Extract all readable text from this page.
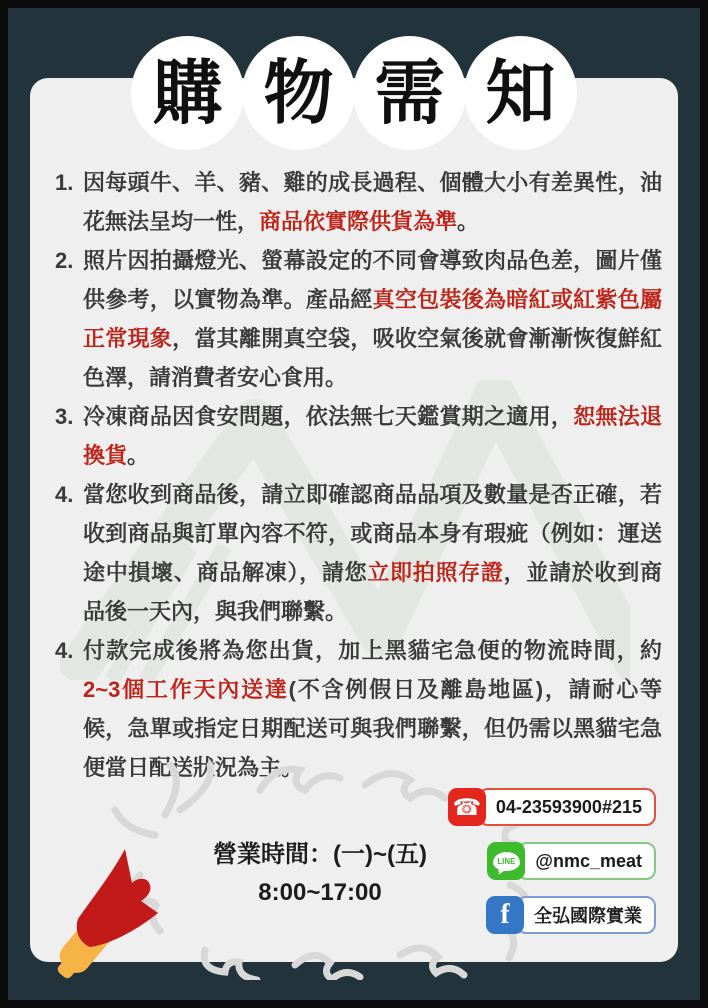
購 物 需 知
1. 因每頭牛、羊、豬、雞的成長過程、個體大小有差異性，油花無法呈均一性，商品依實際供貨為準。
2. 照片因拍攝燈光、螢幕設定的不同會導致肉品色差，圖片僅供參考，以實物為準。產品經真空包裝後為暗紅或紅紫色屬正常現象，當其離開真空袋，吸收空氣後就會漸漸恢復鮮紅色澤，請消費者安心食用。
3. 冷凍商品因食安問題，依法無七天鑑賞期之適用，恕無法退換貨。
4. 當您收到商品後，請立即確認商品品項及數量是否正確，若收到商品與訂單內容不符，或商品本身有瑕疵（例如：運送途中損壞、商品解凍），請您立即拍照存證，並請於收到商品後一天內，與我們聯繫。
4. 付款完成後將為您出貨，加上黑貓宅急便的物流時間，約2~3個工作天內送達(不含例假日及離島地區)，請耐心等候，急單或指定日期配送可與我們聯繫，但仍需以黑貓宅急便當日配送狀況為主。
營業時間：(一)~(五)
8:00~17:00
☎ 04-23593900#215
LINE	@nmc_meat
f	全弘國際實業
